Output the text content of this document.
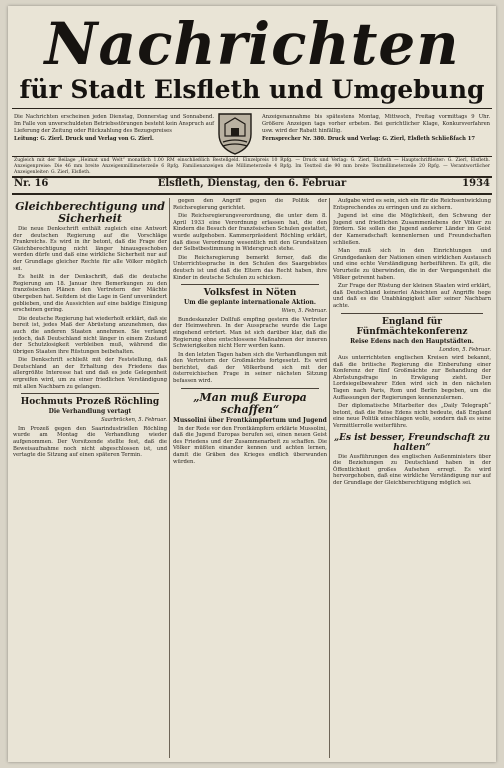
Nachrichten
für Stadt Elsfleth und Umgebung

Die Nachrichten erscheinen jeden Dienstag, Donnerstag und Sonnabend. Im Falle von unverschuldeten Betriebsstörungen besteht kein Anspruch auf Lieferung der Zeitung oder Rückzahlung des Bezugspreises

Leitung: G. Zierl. Druck und Verlag von G. Zierl.

Anzeigenannahme bis spätestens Montag, Mittwoch, Freitag vormittags 9 Uhr. Größere Anzeigen tags vorher erbeten. Bei gerichtlicher Klage, Konkursverfahren usw. wird der Rabatt hinfällig.

Fernsprecher Nr. 380. Druck und Verlag: G. Zierl, Elsfleth Schließfach 17

Zugleich mit der Beilage „Heimat und Welt“ monatlich 1.00 RM einschließlich Bestellgeld. Einzelpreis 10 Rpfg. — Druck und Verlag: G. Zierl, Elsfleth — Hauptschriftleiter: G. Zierl, Elsfleth. Anzeigenpreise: Die 46 mm breite Anzeigenmillimeterzeile 6 Rpfg. Familienanzeigen die Millimeterzeile 4 Rpfg. Im Textteil die 90 mm breite Textmillimeterzeile 20 Rpfg. — Verantwortlicher Anzeigenleiter: G. Zierl, Elsfleth.
Nr. 16	Elsfleth, Dienstag, den 6. Februar	1934
Gleichberechtigung und Sicherheit

Die neue Denkschrift enthält zugleich eine Antwort der deutschen Regierung auf die Vorschläge Frankreichs. Es wird in ihr betont, daß die Frage der Gleichberechtigung nicht länger hinausgeschoben werden dürfe und daß eine wirkliche Sicherheit nur auf der Grundlage gleicher Rechte für alle Völker möglich sei.

Es heißt in der Denkschrift, daß die deutsche Regierung am 18. Januar ihre Bemerkungen zu den französischen Plänen den Vertretern der Mächte übergeben hat. Seitdem ist die Lage in Genf unverändert geblieben, und die Aussichten auf eine baldige Einigung erscheinen gering.

Die deutsche Regierung hat wiederholt erklärt, daß sie bereit ist, jedes Maß der Abrüstung anzunehmen, das auch die anderen Staaten annehmen. Sie verlangt jedoch, daß Deutschland nicht länger in einem Zustand der Schutzlosigkeit verbleiben muß, während die übrigen Staaten ihre Rüstungen beibehalten.

Die Denkschrift schließt mit der Feststellung, daß Deutschland an der Erhaltung des Friedens das allergrößte Interesse hat und daß es jede Gelegenheit ergreifen wird, um zu einer friedlichen Verständigung mit allen Nachbarn zu gelangen.

Hochmuts Prozeß Röchling
Die Verhandlung vertagt
Saarbrücken, 5. Februar.

Im Prozeß gegen den Saarindustriellen Röchling wurde am Montag die Verhandlung wieder aufgenommen. Der Vorsitzende stellte fest, daß die Beweisaufnahme noch nicht abgeschlossen ist, und vertagte die Sitzung auf einen späteren Termin.

gegen den Angriff gegen die Politik der Reichsregierung gerichtet.

Die Reichsregierungsverordnung, die unter dem 8. April 1933 eine Verordnung erlassen hat, die den Kindern die Besuch der französischen Schulen gestattet, wurde aufgehoben. Kammerpräsident Röchling erklärt, daß diese Verordnung wesentlich mit den Grundsätzen der Selbstbestimmung in Widerspruch stehe.

Die Reichsregierung bemerkt ferner, daß die Unterrichtssprache in den Schulen des Saargebietes deutsch ist und daß die Eltern das Recht haben, ihre Kinder in deutsche Schulen zu schicken.

Volksfest in Nöten
Um die geplante internationale Aktion.
Wien, 5. Februar.

Bundeskanzler Dollfuß empfing gestern die Vertreter der Heimwehren. In der Aussprache wurde die Lage eingehend erörtert. Man ist sich darüber klar, daß die Regierung ohne entschlossene Maßnahmen der inneren Schwierigkeiten nicht Herr werden kann.

In den letzten Tagen haben sich die Verhandlungen mit den Vertretern der Großmächte fortgesetzt. Es wird berichtet, daß der Völkerbund sich mit der österreichischen Frage in seiner nächsten Sitzung befassen wird.

„Man muß Europa schaffen“
Mussolini über Frontkämpfertum und Jugend

In der Rede vor den Frontkämpfern erklärte Mussolini, daß die Jugend Europas berufen sei, einen neuen Geist des Friedens und der Zusammenarbeit zu schaffen. Die Völker müßten einander kennen und achten lernen, damit die Gräben des Krieges endlich überwunden würden.

Aufgabe wird es sein, sich ein für die Reichsentwicklung Entsprechendes zu erringen und zu sichern.

Jugend ist eine die Möglichkeit, den Schwung der Jugend und friedlichen Zusammenlebens der Völker zu fördern. Sie sollen die Jugend anderer Länder im Geist der Kameradschaft kennenlernen und Freundschaften schließen.

Man muß sich in den Einrichtungen und Grundgedanken der Nationen einen wirklichen Austausch und eine echte Verständigung herbeiführen. Es gilt, die Vorurteile zu überwinden, die in der Vergangenheit die Völker getrennt haben.

Zur Frage der Rüstung der kleinen Staaten wird erklärt, daß Deutschland keinerlei Absichten auf Angriffe hege und daß es die Unabhängigkeit aller seiner Nachbarn achte.

England für Fünfmächtekonferenz
Reise Edens nach den Hauptstädten.
London, 5. Februar.

Aus unterrichteten englischen Kreisen wird bekannt, daß die britische Regierung die Einberufung einer Konferenz der fünf Großmächte zur Behandlung der Abrüstungsfrage in Erwägung zieht. Der Lordsiegelbewahrer Eden wird sich in den nächsten Tagen nach Paris, Rom und Berlin begeben, um die Auffassungen der Regierungen kennenzulernen.

Der diplomatische Mitarbeiter des „Daily Telegraph“ betont, daß die Reise Edens nicht bedeute, daß England eine neue Politik einschlagen wolle, sondern daß es seine Vermittlerrolle weiterführe.

„Es ist besser, Freundschaft zu halten“

Die Ausführungen des englischen Außenministers über die Beziehungen zu Deutschland haben in der Öffentlichkeit großes Aufsehen erregt. Es wird hervorgehoben, daß eine wirkliche Verständigung nur auf der Grundlage der Gleichberechtigung möglich sei.
